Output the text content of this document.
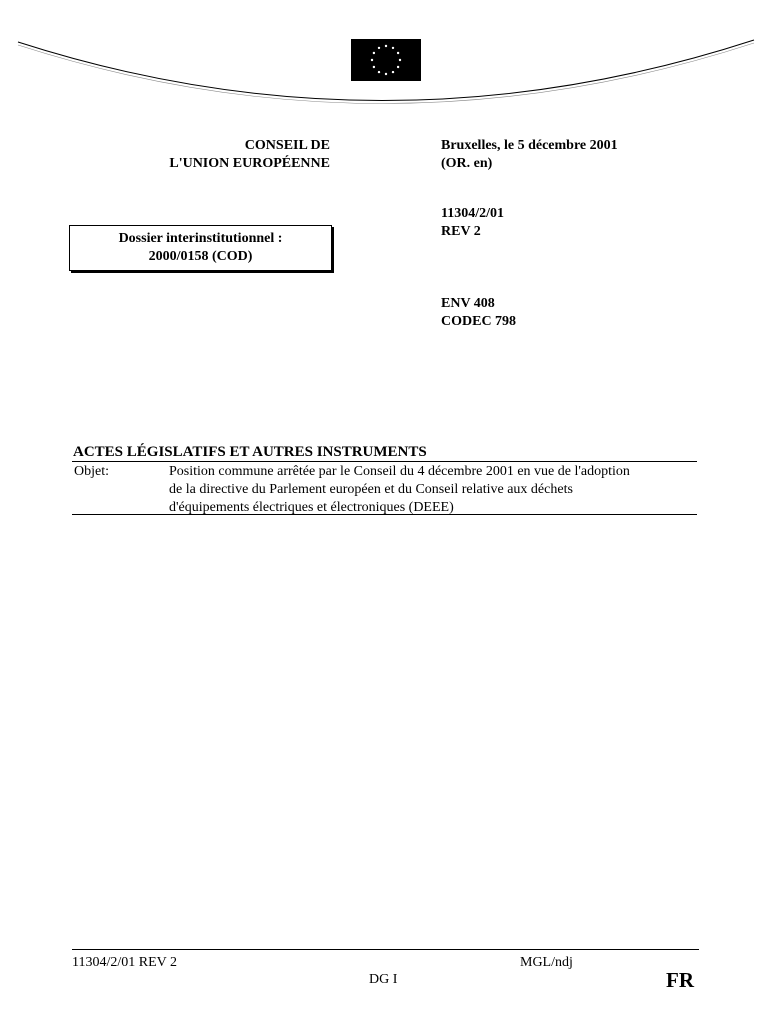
CONSEIL DE
L'UNION EUROPÉENNE
Bruxelles, le 5 décembre 2001
(OR. en)
11304/2/01
REV 2
Dossier interinstitutionnel :
2000/0158 (COD)
ENV 408
CODEC 798
ACTES LÉGISLATIFS ET AUTRES INSTRUMENTS
Objet:	Position commune arrêtée par le Conseil du 4 décembre 2001 en vue de l'adoption
de la directive du Parlement européen et du Conseil relative aux déchets
d'équipements électriques et électroniques (DEEE)
11304/2/01 REV 2	MGL/ndj
DG I	FR
